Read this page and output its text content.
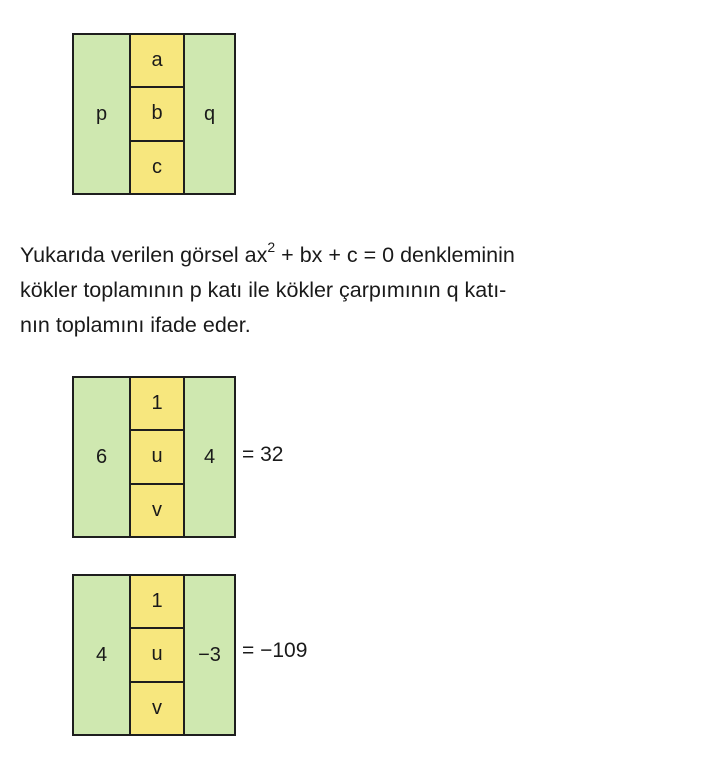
p
a
b
c
q

Yukarıda verilen görsel $ax^2$ + bx + c = 0 denkleminin
kökler toplamının p katı ile kökler çarpımının q katı-
nın toplamını ifade eder.

6
1
u
v
4 = 32
4
1
u
v
−3 = −109
